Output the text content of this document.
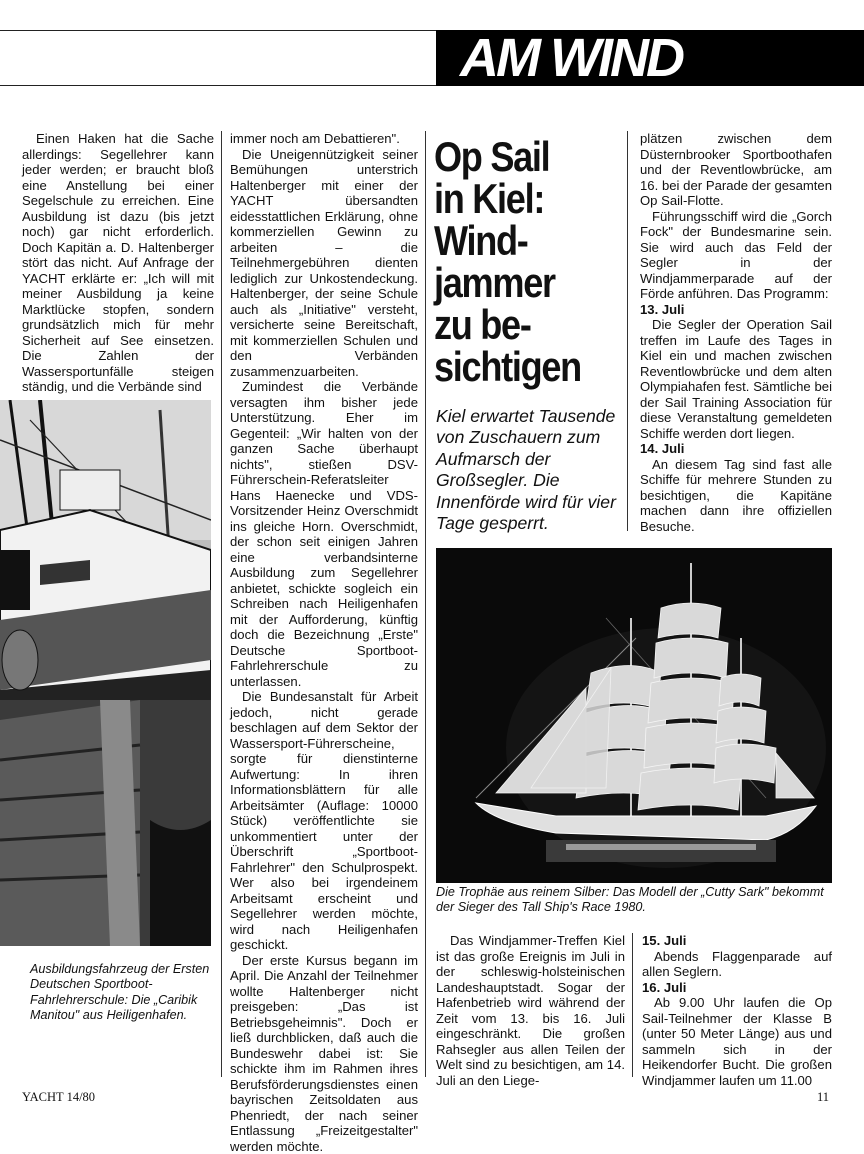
AM WIND

Einen Haken hat die Sache allerdings: Segellehrer kann jeder werden; er braucht bloß eine Anstellung bei einer Segelschule zu erreichen. Eine Ausbildung ist dazu (bis jetzt noch) gar nicht erforderlich. Doch Kapitän a. D. Haltenberger stört das nicht. Auf Anfrage der YACHT erklärte er: „Ich will mit meiner Ausbildung ja keine Marktlücke stopfen, sondern grundsätzlich mich für mehr Sicherheit auf See einsetzen. Die Zahlen der Wassersportunfälle steigen ständig, und die Verbände sind

Ausbildungsfahrzeug der Ersten Deutschen Sportboot-Fahrlehrerschule: Die „Caribik Manitou" aus Heiligenhafen.

immer noch am Debattieren".

Die Uneigennützigkeit seiner Bemühungen unterstrich Haltenberger mit einer der YACHT übersandten eidesstattlichen Erklärung, ohne kommerziellen Gewinn zu arbeiten – die Teilnehmergebühren dienten lediglich zur Unkostendeckung. Haltenberger, der seine Schule auch als „Initiative" versteht, versicherte seine Bereitschaft, mit kommerziellen Schulen und den Verbänden zusammenzuarbeiten.

Zumindest die Verbände versagten ihm bisher jede Unterstützung. Eher im Gegenteil: „Wir halten von der ganzen Sache überhaupt nichts", stießen DSV-Führerschein-Referatsleiter Hans Haenecke und VDS-Vorsitzender Heinz Overschmidt ins gleiche Horn. Overschmidt, der schon seit einigen Jahren eine verbandsinterne Ausbildung zum Segellehrer anbietet, schickte sogleich ein Schreiben nach Heiligenhafen mit der Aufforderung, künftig doch die Bezeichnung „Erste" Deutsche Sportboot-Fahrlehrerschule zu unterlassen.

Die Bundesanstalt für Arbeit jedoch, nicht gerade beschlagen auf dem Sektor der Wassersport-Führerscheine, sorgte für dienstinterne Aufwertung: In ihren Informationsblättern für alle Arbeitsämter (Auflage: 10000 Stück) veröffentlichte sie unkommentiert unter der Überschrift „Sportboot-Fahrlehrer" den Schulprospekt. Wer also bei irgendeinem Arbeitsamt erscheint und Segellehrer werden möchte, wird nach Heiligenhafen geschickt.

Der erste Kursus begann im April. Die Anzahl der Teilnehmer wollte Haltenberger nicht preisgeben: „Das ist Betriebsgeheimnis". Doch er ließ durchblicken, daß auch die Bundeswehr dabei ist: Sie schickte ihm im Rahmen ihres Berufsförderungsdienstes einen bayrischen Zeitsoldaten aus Phenriedt, der nach seiner Entlassung „Freizeitgestalter" werden möchte.

Op Sail
in Kiel:
Wind-
jammer
zu be-
sichtigen
Kiel erwartet Tausende von Zuschauern zum Aufmarsch der Großsegler. Die Innenförde wird für vier Tage gesperrt.

plätzen zwischen dem Düsternbrooker Sportboothafen und der Reventlowbrücke, am 16. bei der Parade der gesamten Op Sail-Flotte.

Führungsschiff wird die „Gorch Fock" der Bundesmarine sein. Sie wird auch das Feld der Segler in der Windjammerparade auf der Förde anführen. Das Programm:

13. Juli

Die Segler der Operation Sail treffen im Laufe des Tages in Kiel ein und machen zwischen Reventlowbrücke und dem alten Olympiahafen fest. Sämtliche bei der Sail Training Association für diese Veranstaltung gemeldeten Schiffe werden dort liegen.

14. Juli

An diesem Tag sind fast alle Schiffe für mehrere Stunden zu besichtigen, die Kapitäne machen dann ihre offiziellen Besuche.

Die Trophäe aus reinem Silber: Das Modell der „Cutty Sark" bekommt der Sieger des Tall Ship's Race 1980.

Das Windjammer-Treffen Kiel ist das große Ereignis im Juli in der schleswig-holsteinischen Landeshauptstadt. Sogar der Hafenbetrieb wird während der Zeit vom 13. bis 16. Juli eingeschränkt. Die großen Rahsegler aus allen Teilen der Welt sind zu besichtigen, am 14. Juli an den Liege-

15. Juli

Abends Flaggenparade auf allen Seglern.

16. Juli

Ab 9.00 Uhr laufen die Op Sail-Teilnehmer der Klasse B (unter 50 Meter Länge) aus und sammeln sich in der Heikendorfer Bucht. Die großen Windjammer laufen um 11.00

YACHT 14/80	11
